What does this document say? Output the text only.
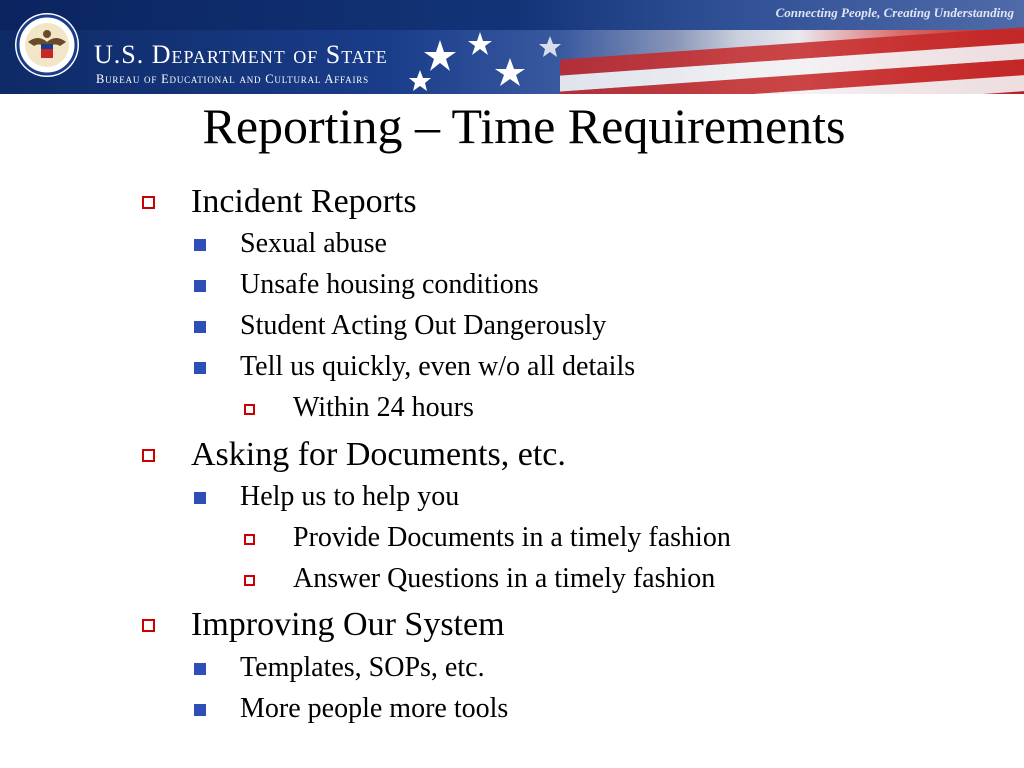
Connecting People, Creating Understanding
U.S. Department of State
Bureau of Educational and Cultural Affairs
Reporting – Time Requirements
Incident Reports
Sexual abuse
Unsafe housing conditions
Student Acting Out Dangerously
Tell us quickly, even w/o all details
Within 24 hours
Asking for Documents, etc.
Help us to help you
Provide Documents in a timely fashion
Answer Questions in a timely fashion
Improving Our System
Templates, SOPs, etc.
More people more tools
